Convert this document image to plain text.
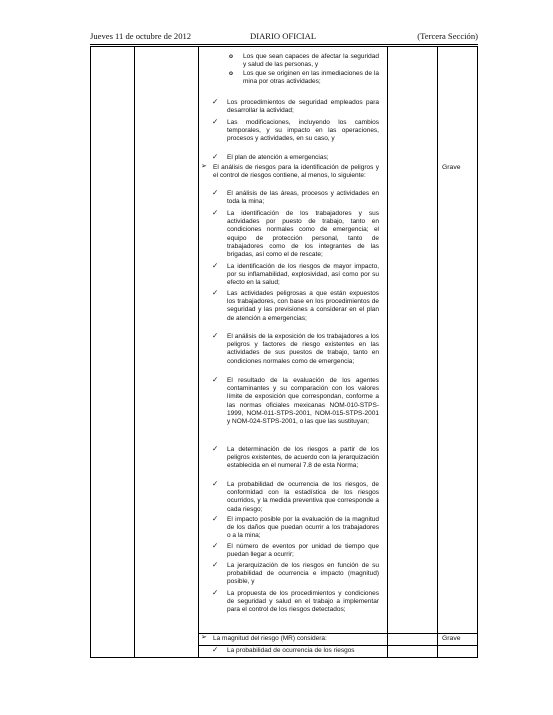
Jueves 11 de octubre de 2012	DIARIO OFICIAL	(Tercera Sección)
o Los que sean capaces de afectar la seguridad y salud de las personas, y
o Los que se originen en las inmediaciones de la mina por otras actividades;
✓ Los procedimientos de seguridad empleados para desarrollar la actividad;
✓ Las modificaciones, incluyendo los cambios temporales, y su impacto en las operaciones, procesos y actividades, en su caso, y
✓ El plan de atención a emergencias;
➢ El análisis de riesgos para la identificación de peligros y el control de riesgos contiene, al menos, lo siguiente:
Grave
✓ El análisis de las áreas, procesos y actividades en toda la mina;
✓ La identificación de los trabajadores y sus actividades por puesto de trabajo, tanto en condiciones normales como de emergencia; el equipo de protección personal, tanto de trabajadores como de los integrantes de las brigadas, así como el de rescate;
✓ La identificación de los riesgos de mayor impacto, por su inflamabilidad, explosividad, así como por su efecto en la salud;
✓ Las actividades peligrosas a que están expuestos los trabajadores, con base en los procedimientos de seguridad y las previsiones a considerar en el plan de atención a emergencias;
✓ El análisis de la exposición de los trabajadores a los peligros y factores de riesgo existentes en las actividades de sus puestos de trabajo, tanto en condiciones normales como de emergencia;
✓ El resultado de la evaluación de los agentes contaminantes y su comparación con los valores límite de exposición que correspondan, conforme a las normas oficiales mexicanas NOM-010-STPS-1999, NOM-011-STPS-2001, NOM-015-STPS-2001 y NOM-024-STPS-2001, o las que las sustituyan;
✓ La determinación de los riesgos a partir de los peligros existentes, de acuerdo con la jerarquización establecida en el numeral 7.8 de esta Norma;
✓ La probabilidad de ocurrencia de los riesgos, de conformidad con la estadística de los riesgos ocurridos, y la medida preventiva que corresponde a cada riesgo;
✓ El impacto posible por la evaluación de la magnitud de los daños que puedan ocurrir a los trabajadores o a la mina;
✓ El número de eventos por unidad de tiempo que puedan llegar a ocurrir;
✓ La jerarquización de los riesgos en función de su probabilidad de ocurrencia e impacto (magnitud) posible, y
✓ La propuesta de los procedimientos y condiciones de seguridad y salud en el trabajo a implementar para el control de los riesgos detectados;
➢ La magnitud del riesgo (MR) considera:	Grave
✓ La probabilidad de ocurrencia de los riesgos
